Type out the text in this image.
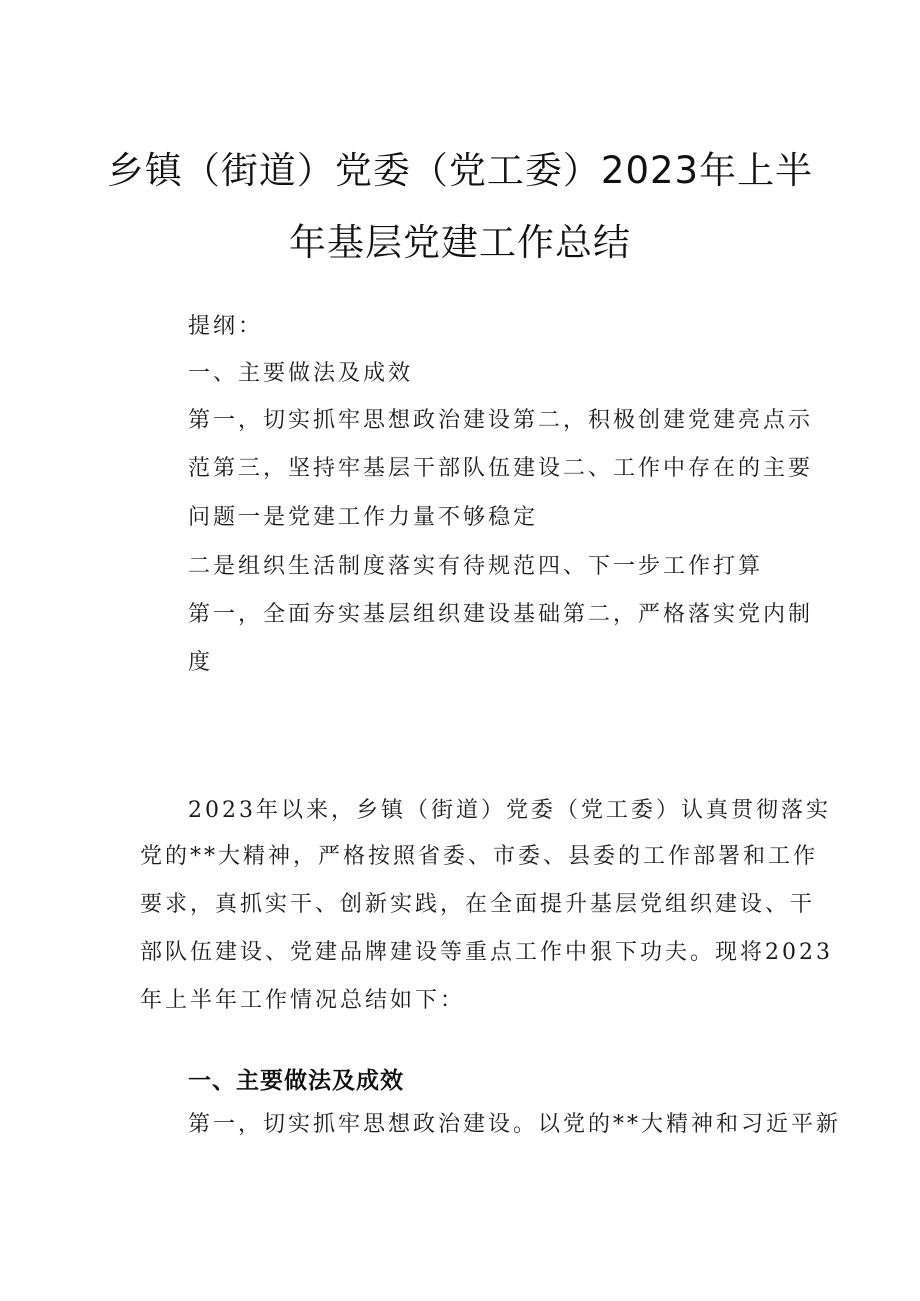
乡镇（街道）党委（党工委）2023年上半
年基层党建工作总结
提纲：
一、主要做法及成效
第一，切实抓牢思想政治建设第二，积极创建党建亮点示
范第三，坚持牢基层干部队伍建设二、工作中存在的主要
问题一是党建工作力量不够稳定
二是组织生活制度落实有待规范四、下一步工作打算
第一，全面夯实基层组织建设基础第二，严格落实党内制
度
2023年以来，乡镇（街道）党委（党工委）认真贯彻落实
党的**大精神，严格按照省委、市委、县委的工作部署和工作
要求，真抓实干、创新实践，在全面提升基层党组织建设、干
部队伍建设、党建品牌建设等重点工作中狠下功夫。现将2023
年上半年工作情况总结如下：
一、主要做法及成效
第一，切实抓牢思想政治建设。以党的**大精神和习近平新
